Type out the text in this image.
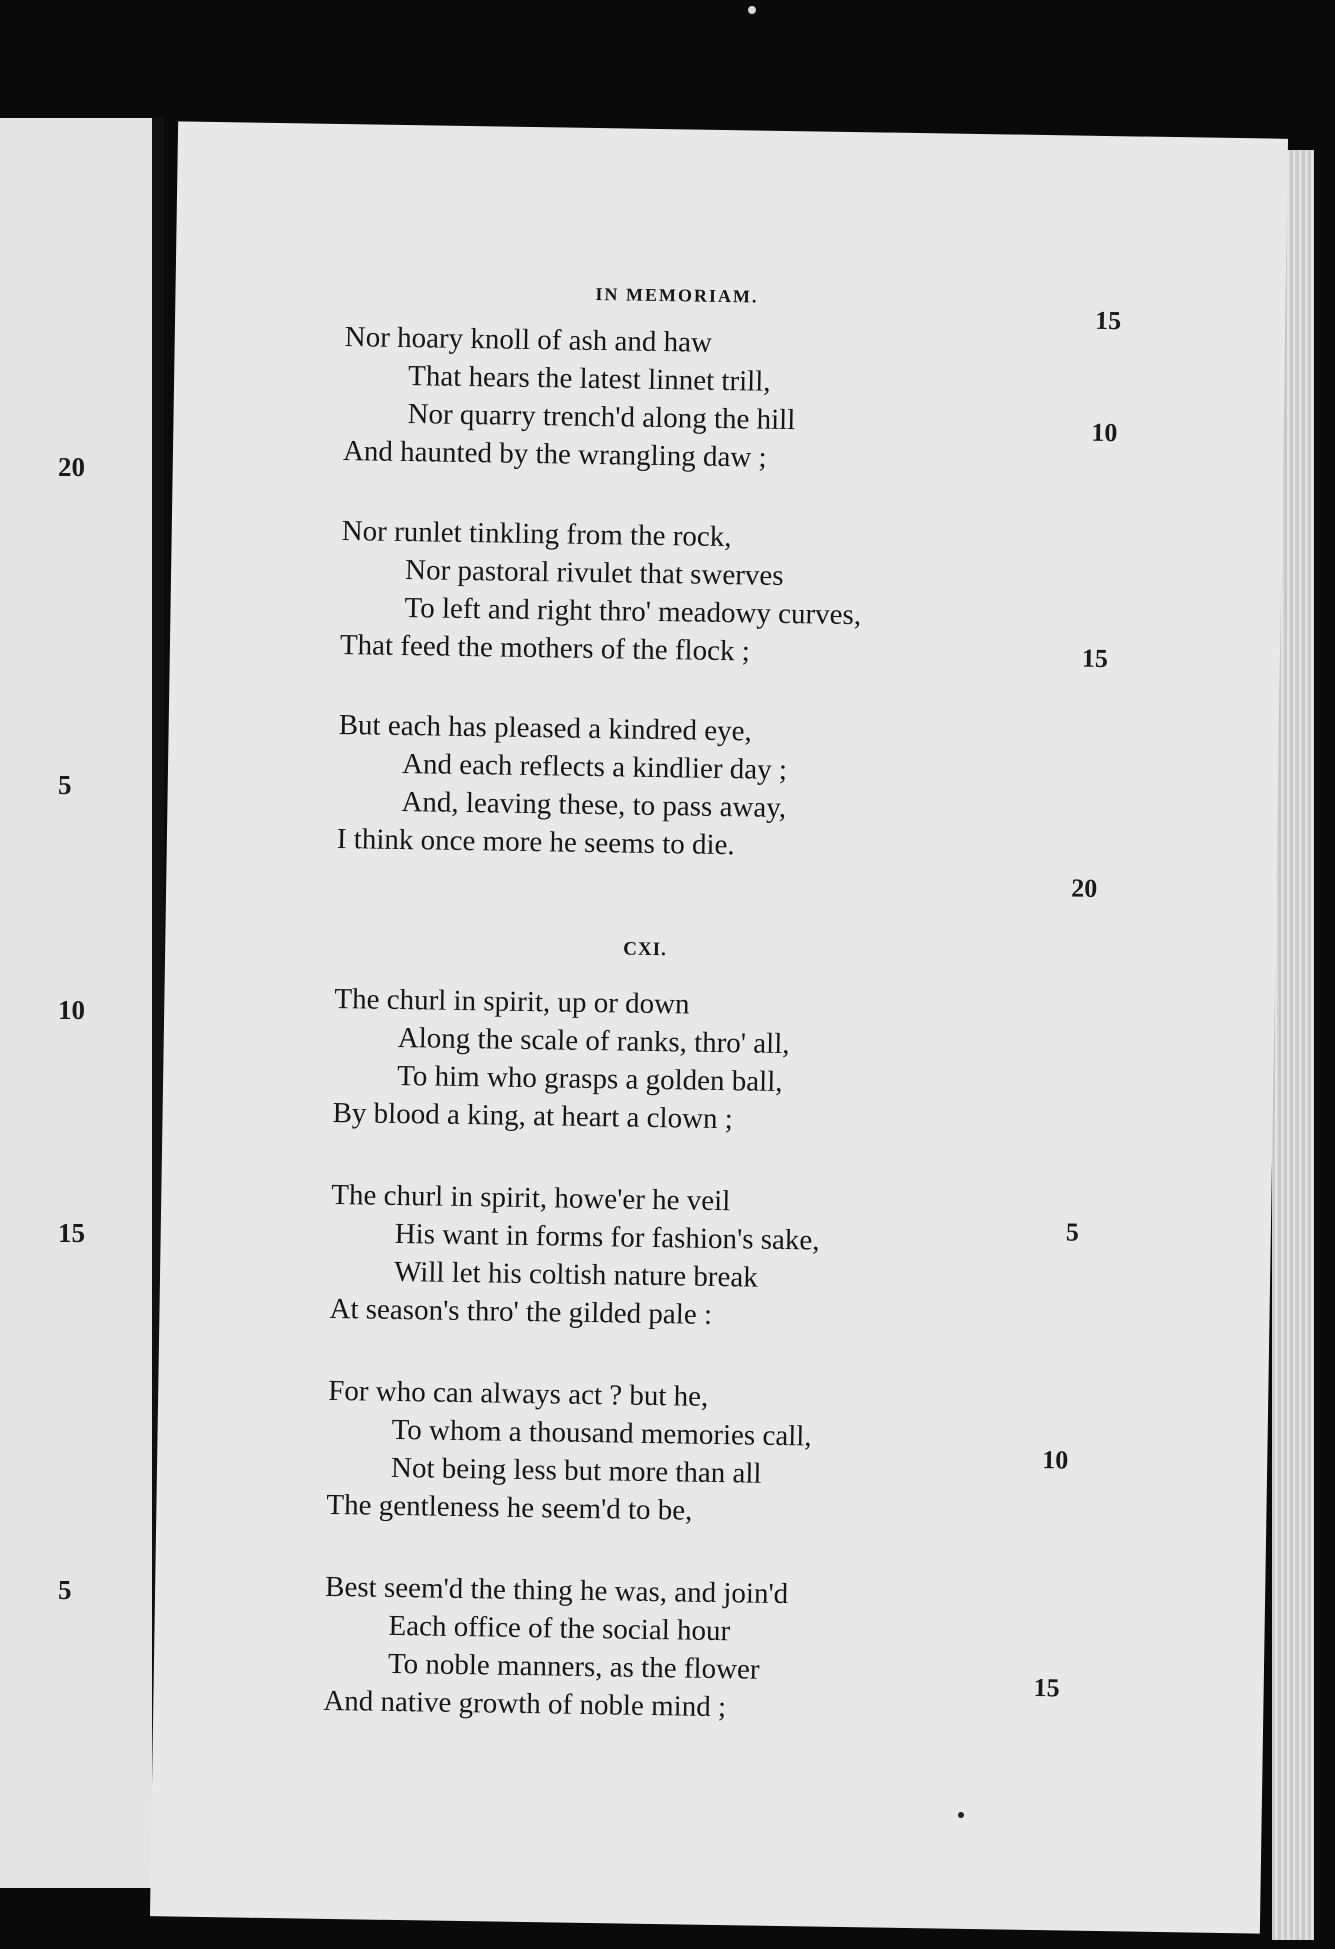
20
5
10
15
5
IN MEMORIAM.
Nor hoary knoll of ash and haw
That hears the latest linnet trill,
Nor quarry trench'd along the hill
And haunted by the wrangling daw ;
Nor runlet tinkling from the rock,
Nor pastoral rivulet that swerves
To left and right thro' meadowy curves,
That feed the mothers of the flock ;
But each has pleased a kindred eye,
And each reflects a kindlier day ;
And, leaving these, to pass away,
I think once more he seems to die.
CXI.
The churl in spirit, up or down
Along the scale of ranks, thro' all,
To him who grasps a golden ball,
By blood a king, at heart a clown ;
The churl in spirit, howe'er he veil
His want in forms for fashion's sake,
Will let his coltish nature break
At season's thro' the gilded pale :
For who can always act ? but he,
To whom a thousand memories call,
Not being less but more than all
The gentleness he seem'd to be,
Best seem'd the thing he was, and join'd
Each office of the social hour
To noble manners, as the flower
And native growth of noble mind ;
15
10
15
20
5
10
15
